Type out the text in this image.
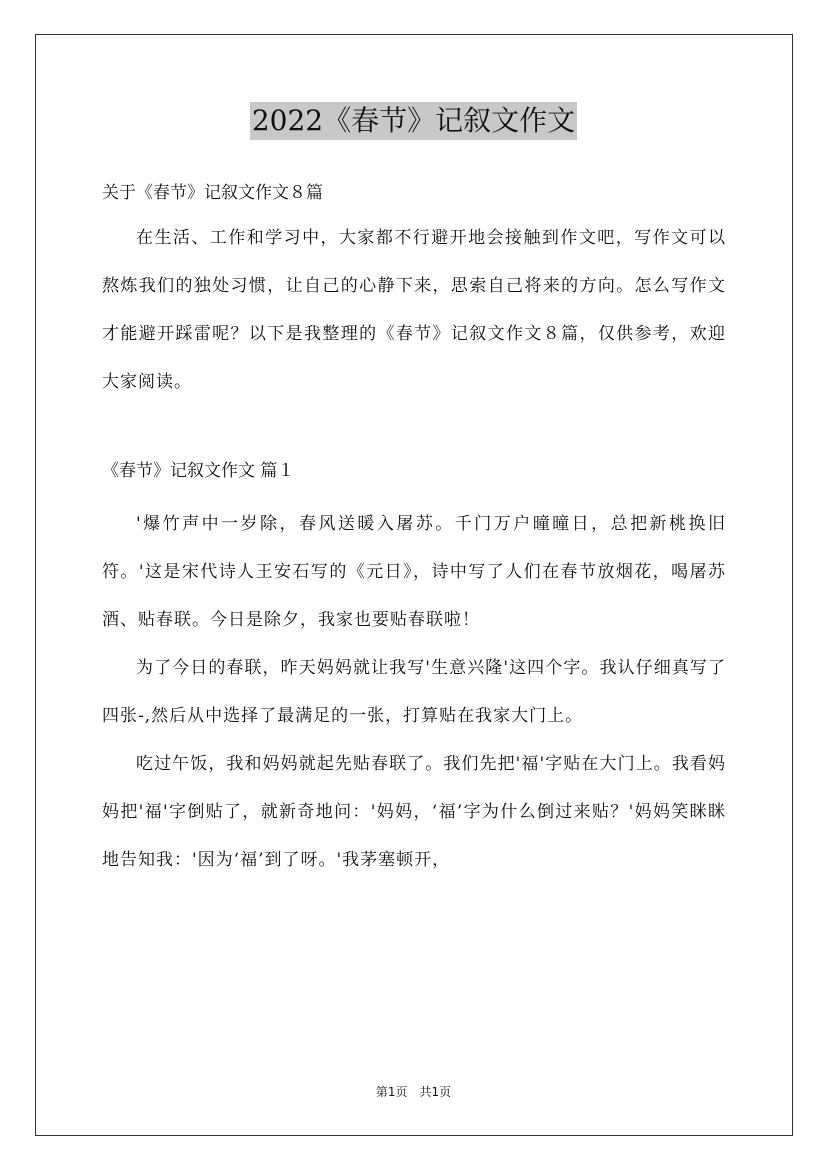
2022《春节》记叙文作文
关于《春节》记叙文作文８篇

在生活、工作和学习中，大家都不行避开地会接触到作文吧，写作文可以熬炼我们的独处习惯，让自己的心静下来，思索自己将来的方向。怎么写作文才能避开踩雷呢？以下是我整理的《春节》记叙文作文８篇，仅供参考，欢迎大家阅读。

《春节》记叙文作文 篇１

'爆竹声中一岁除，春风送暖入屠苏。千门万户曈曈日，总把新桃换旧符。'这是宋代诗人王安石写的《元日》，诗中写了人们在春节放烟花，喝屠苏酒、贴春联。今日是除夕，我家也要贴春联啦！

为了今日的春联，昨天妈妈就让我写'生意兴隆'这四个字。我认仔细真写了四张-,然后从中选择了最满足的一张，打算贴在我家大门上。

吃过午饭，我和妈妈就起先贴春联了。我们先把'福'字贴在大门上。我看妈妈把'福'字倒贴了，就新奇地问：'妈妈，‘福’字为什么倒过来贴？'妈妈笑眯眯地告知我：'因为‘福’到了呀。'我茅塞顿开，

第1页　共1页
